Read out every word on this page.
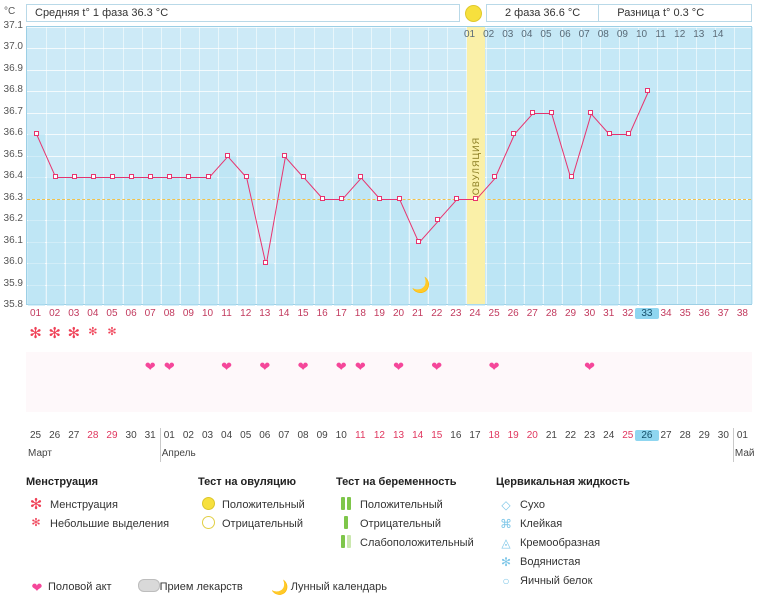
°C	Средняя t° 1 фаза 36.3 °C	2 фаза 36.6 °C	Разница t° 0.3 °C
37.1
37.0
36.9
36.8
36.7
36.6
36.5
36.4
36.3
36.2
36.1
36.0
35.9
35.8
ОВУЛЯЦИЯ
🌙
01 02 03 04 05 06 07 08 09 10 11 12 13 14
01 02 03 04 05 06 07 08 09 10 11 12 13 14 15 16 17 18 19 20 21 22 23 24 25 26 27 28 29 30 31 32 33 34 35 36 37 38
✻ ✻ ✻ ✻ ✻
❤ ❤	❤	❤	❤	❤ ❤	❤	❤	❤	❤
25 26 27 28 29 30 31 01 02 03 04 05 06 07 08 09 10 11 12 13 14 15 16 17 18 19 20 21 22 23 24 25 26 27 28 29 30 01
Март	Апрель	Май
Менструация
✻ Менструация
✻ Небольшие выделения
Тест на овуляцию
Положительный
Отрицательный
Тест на беременность
Положительный
Отрицательный
Слабоположительный
Цервикальная жидкость
◇ Сухо
⌘ Клейкая
◬ Кремообразная
✻ Водянистая
○ Яичный белок
❤ Половой акт	Прием лекарств 🌙 Лунный календарь
